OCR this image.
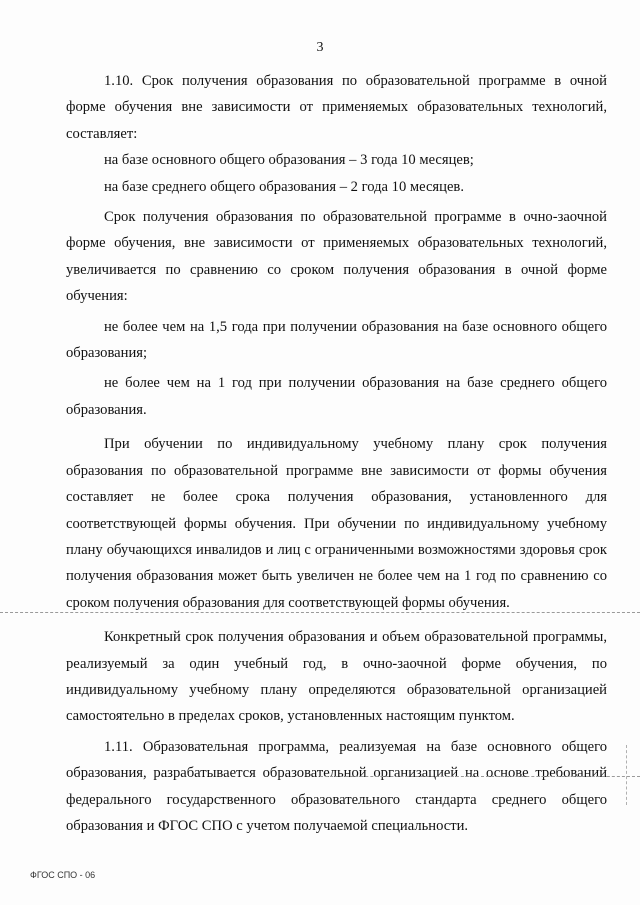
3

1.10. Срок получения образования по образовательной программе в очной форме обучения вне зависимости от применяемых образовательных технологий, составляет:

на базе основного общего образования – 3 года 10 месяцев;

на базе среднего общего образования – 2 года 10 месяцев.

Срок получения образования по образовательной программе в очно-заочной форме обучения, вне зависимости от применяемых образовательных технологий, увеличивается по сравнению со сроком получения образования в очной форме обучения:

не более чем на 1,5 года при получении образования на базе основного общего образования;

не более чем на 1 год при получении образования на базе среднего общего образования.

При обучении по индивидуальному учебному плану срок получения образования по образовательной программе вне зависимости от формы обучения составляет не более срока получения образования, установленного для соответствующей формы обучения. При обучении по индивидуальному учебному плану обучающихся инвалидов и лиц с ограниченными возможностями здоровья срок получения образования может быть увеличен не более чем на 1 год по сравнению со сроком получения образования для соответствующей формы обучения.

Конкретный срок получения образования и объем образовательной программы, реализуемый за один учебный год, в очно-заочной форме обучения, по индивидуальному учебному плану определяются образовательной организацией самостоятельно в пределах сроков, установленных настоящим пунктом.

1.11. Образовательная программа, реализуемая на базе основного общего образования, разрабатывается образовательной организацией на основе требований федерального государственного образовательного стандарта среднего общего образования и ФГОС СПО с учетом получаемой специальности.

ФГОС СПО - 06
